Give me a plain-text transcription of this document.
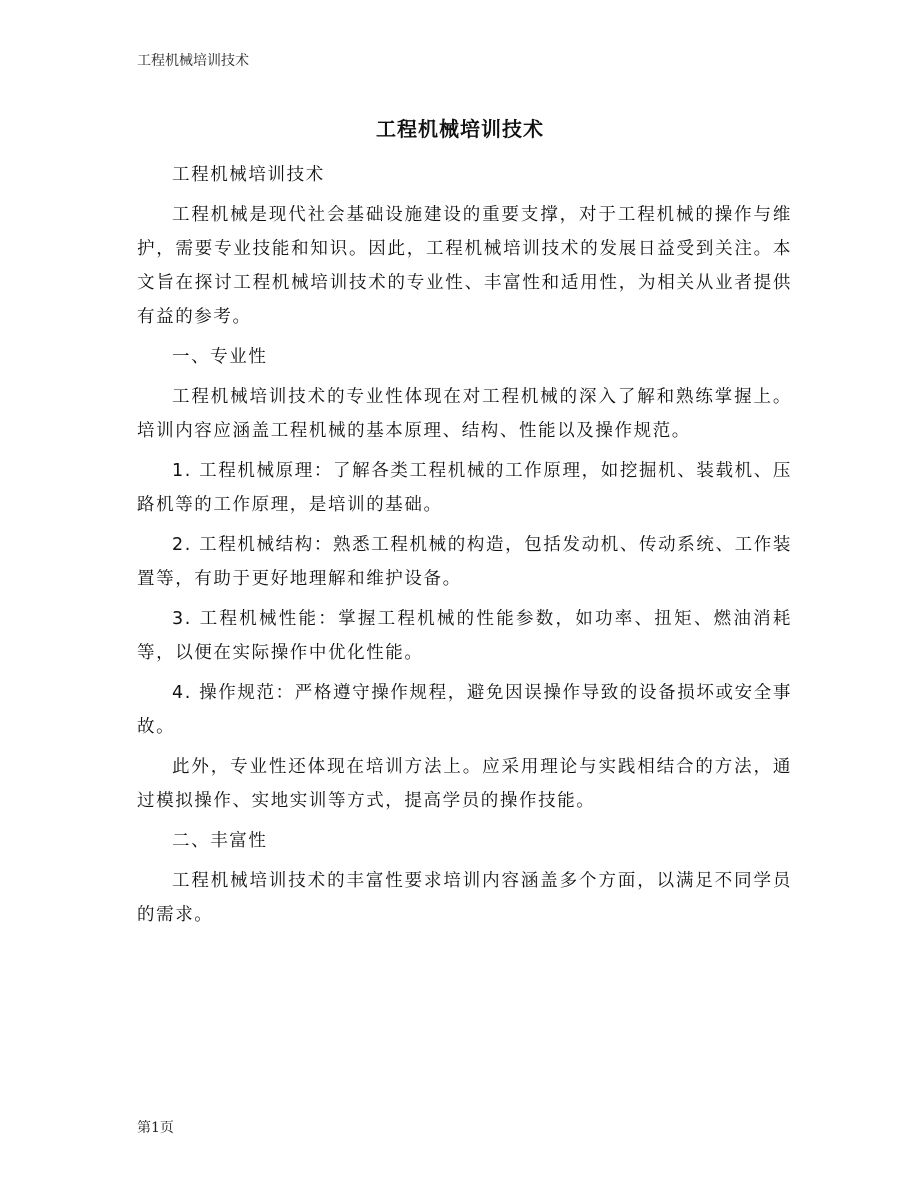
工程机械培训技术
工程机械培训技术

工程机械培训技术

工程机械是现代社会基础设施建设的重要支撑，对于工程机械的操作与维护，需要专业技能和知识。因此，工程机械培训技术的发展日益受到关注。本文旨在探讨工程机械培训技术的专业性、丰富性和适用性，为相关从业者提供有益的参考。

一、专业性

工程机械培训技术的专业性体现在对工程机械的深入了解和熟练掌握上。培训内容应涵盖工程机械的基本原理、结构、性能以及操作规范。

1. 工程机械原理：了解各类工程机械的工作原理，如挖掘机、装载机、压路机等的工作原理，是培训的基础。

2. 工程机械结构：熟悉工程机械的构造，包括发动机、传动系统、工作装置等，有助于更好地理解和维护设备。

3. 工程机械性能：掌握工程机械的性能参数，如功率、扭矩、燃油消耗等，以便在实际操作中优化性能。

4. 操作规范：严格遵守操作规程，避免因误操作导致的设备损坏或安全事故。

此外，专业性还体现在培训方法上。应采用理论与实践相结合的方法，通过模拟操作、实地实训等方式，提高学员的操作技能。

二、丰富性

工程机械培训技术的丰富性要求培训内容涵盖多个方面，以满足不同学员的需求。

第1页
